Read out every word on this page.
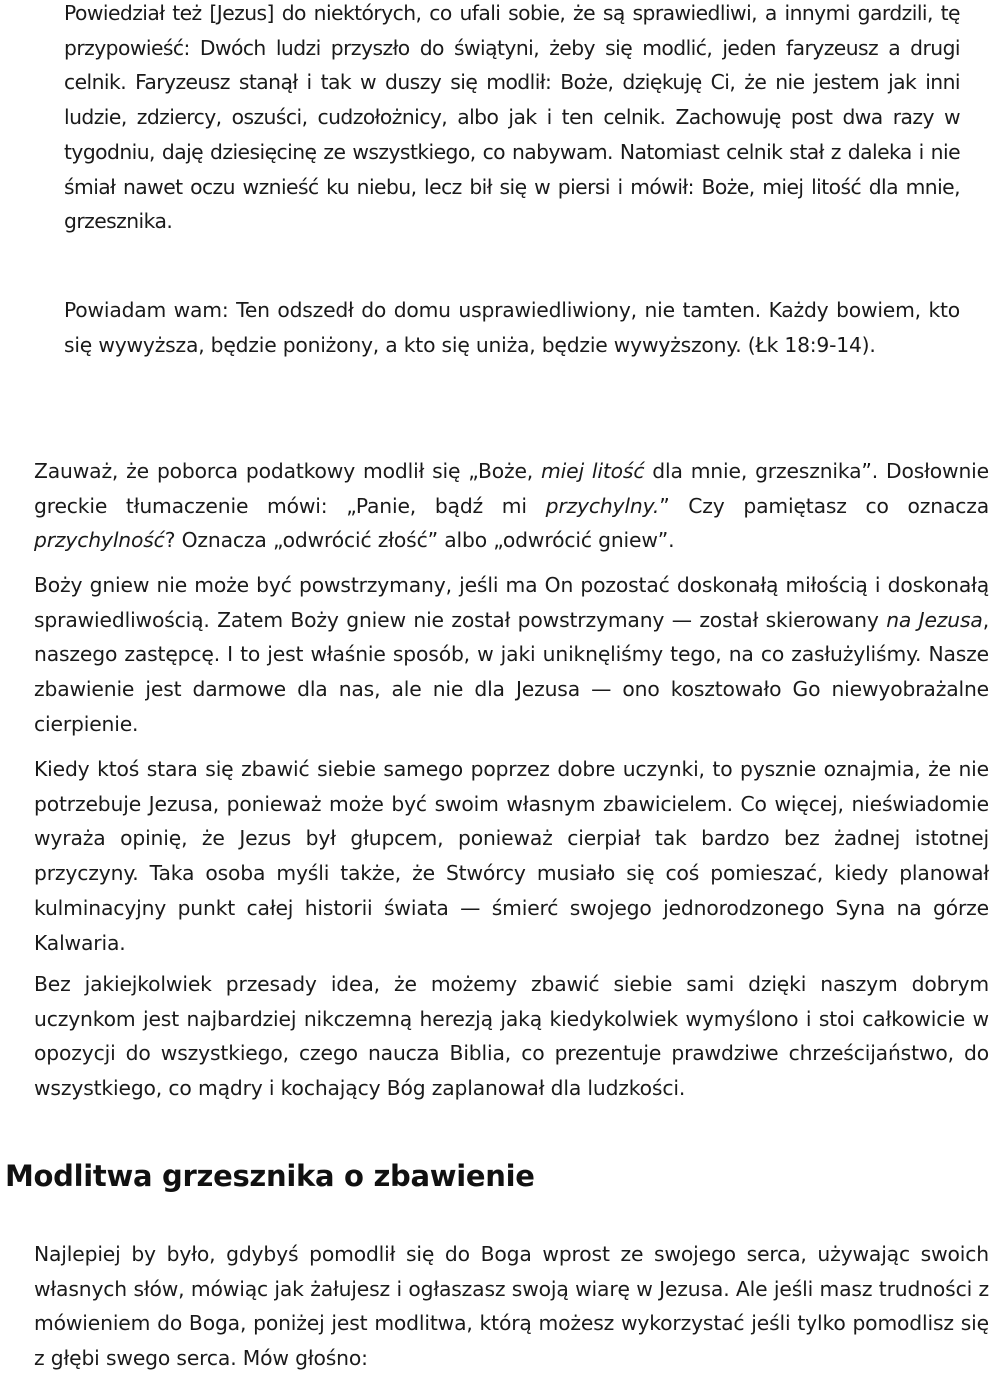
Powiedział też [Jezus] do niektórych, co ufali sobie, że są sprawiedliwi, a innymi gardzili, tę przypowieść: Dwóch ludzi przyszło do świątyni, żeby się modlić, jeden faryzeusz a drugi celnik. Faryzeusz stanął i tak w duszy się modlił: Boże, dziękuję Ci, że nie jestem jak inni ludzie, zdziercy, oszuści, cudzołożnicy, albo jak i ten celnik. Zachowuję post dwa razy w tygodniu, daję dziesięcinę ze wszystkiego, co nabywam. Natomiast celnik stał z daleka i nie śmiał nawet oczu wznieść ku niebu, lecz bił się w piersi i mówił: Boże, miej litość dla mnie, grzesznika.

Powiadam wam: Ten odszedł do domu usprawiedliwiony, nie tamten. Każdy bowiem, kto się wywyższa, będzie poniżony, a kto się uniża, będzie wywyższony. (Łk 18:9-14).

Zauważ, że poborca podatkowy modlił się „Boże, miej litość dla mnie, grzesznika”. Dosłownie greckie tłumaczenie mówi: „Panie, bądź mi przychylny.” Czy pamiętasz co oznacza przychylność? Oznacza „odwrócić złość” albo „odwrócić gniew”.

Boży gniew nie może być powstrzymany, jeśli ma On pozostać doskonałą miłością i doskonałą sprawiedliwością. Zatem Boży gniew nie został powstrzymany — został skierowany na Jezusa, naszego zastępcę. I to jest właśnie sposób, w jaki uniknęliśmy tego, na co zasłużyliśmy. Nasze zbawienie jest darmowe dla nas, ale nie dla Jezusa — ono kosztowało Go niewyobrażalne cierpienie.

Kiedy ktoś stara się zbawić siebie samego poprzez dobre uczynki, to pysznie oznajmia, że nie potrzebuje Jezusa, ponieważ może być swoim własnym zbawicielem. Co więcej, nieświadomie wyraża opinię, że Jezus był głupcem, ponieważ cierpiał tak bardzo bez żadnej istotnej przyczyny. Taka osoba myśli także, że Stwórcy musiało się coś pomieszać, kiedy planował kulminacyjny punkt całej historii świata — śmierć swojego jednorodzonego Syna na górze Kalwaria.

Bez jakiejkolwiek przesady idea, że możemy zbawić siebie sami dzięki naszym dobrym uczynkom jest najbardziej nikczemną herezją jaką kiedykolwiek wymyślono i stoi całkowicie w opozycji do wszystkiego, czego naucza Biblia, co prezentuje prawdziwe chrześcijaństwo, do wszystkiego, co mądry i kochający Bóg zaplanował dla ludzkości.

Modlitwa grzesznika o zbawienie

Najlepiej by było, gdybyś pomodlił się do Boga wprost ze swojego serca, używając swoich własnych słów, mówiąc jak żałujesz i ogłaszasz swoją wiarę w Jezusa. Ale jeśli masz trudności z mówieniem do Boga, poniżej jest modlitwa, którą możesz wykorzystać jeśli tylko pomodlisz się z głębi swego serca. Mów głośno:
